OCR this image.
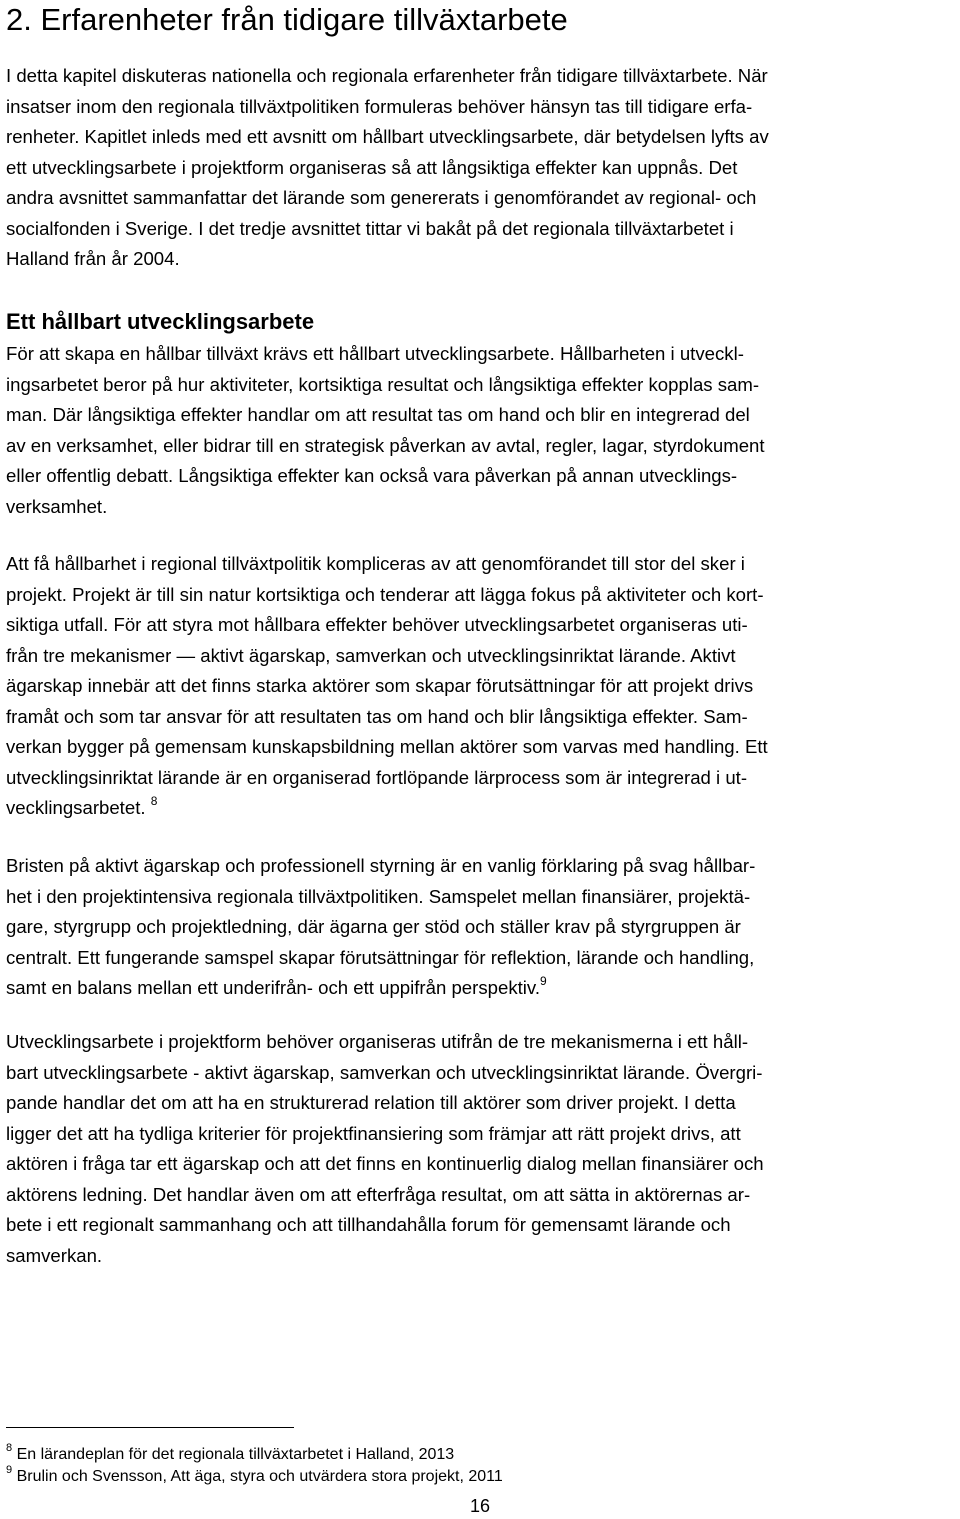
2. Erfarenheter från tidigare tillväxtarbete

I detta kapitel diskuteras nationella och regionala erfarenheter från tidigare tillväxtarbete. När
insatser inom den regionala tillväxtpolitiken formuleras behöver hänsyn tas till tidigare erfa-
renheter. Kapitlet inleds med ett avsnitt om hållbart utvecklingsarbete, där betydelsen lyfts av
ett utvecklingsarbete i projektform organiseras så att långsiktiga effekter kan uppnås. Det
andra avsnittet sammanfattar det lärande som genererats i genomförandet av regional- och
socialfonden i Sverige. I det tredje avsnittet tittar vi bakåt på det regionala tillväxtarbetet i
Halland från år 2004.

Ett hållbart utvecklingsarbete

För att skapa en hållbar tillväxt krävs ett hållbart utvecklingsarbete. Hållbarheten i utveckl-
ingsarbetet beror på hur aktiviteter, kortsiktiga resultat och långsiktiga effekter kopplas sam-
man. Där långsiktiga effekter handlar om att resultat tas om hand och blir en integrerad del
av en verksamhet, eller bidrar till en strategisk påverkan av avtal, regler, lagar, styrdokument
eller offentlig debatt. Långsiktiga effekter kan också vara påverkan på annan utvecklings-
verksamhet.

Att få hållbarhet i regional tillväxtpolitik kompliceras av att genomförandet till stor del sker i
projekt. Projekt är till sin natur kortsiktiga och tenderar att lägga fokus på aktiviteter och kort-
siktiga utfall. För att styra mot hållbara effekter behöver utvecklingsarbetet organiseras uti-
från tre mekanismer — aktivt ägarskap, samverkan och utvecklingsinriktat lärande. Aktivt
ägarskap innebär att det finns starka aktörer som skapar förutsättningar för att projekt drivs
framåt och som tar ansvar för att resultaten tas om hand och blir långsiktiga effekter. Sam-
verkan bygger på gemensam kunskapsbildning mellan aktörer som varvas med handling. Ett
utvecklingsinriktat lärande är en organiserad fortlöpande lärprocess som är integrerad i ut-
vecklingsarbetet. $^8$

Bristen på aktivt ägarskap och professionell styrning är en vanlig förklaring på svag hållbar-
het i den projektintensiva regionala tillväxtpolitiken. Samspelet mellan finansiärer, projektä-
gare, styrgrupp och projektledning, där ägarna ger stöd och ställer krav på styrgruppen är
centralt. Ett fungerande samspel skapar förutsättningar för reflektion, lärande och handling,
samt en balans mellan ett underifrån- och ett uppifrån perspektiv.$^9$

Utvecklingsarbete i projektform behöver organiseras utifrån de tre mekanismerna i ett håll-
bart utvecklingsarbete - aktivt ägarskap, samverkan och utvecklingsinriktat lärande. Övergri-
pande handlar det om att ha en strukturerad relation till aktörer som driver projekt. I detta
ligger det att ha tydliga kriterier för projektfinansiering som främjar att rätt projekt drivs, att
aktören i fråga tar ett ägarskap och att det finns en kontinuerlig dialog mellan finansiärer och
aktörens ledning. Det handlar även om att efterfråga resultat, om att sätta in aktörernas ar-
bete i ett regionalt sammanhang och att tillhandahålla forum för gemensamt lärande och
samverkan.

$^8$ En lärandeplan för det regionala tillväxtarbetet i Halland, 2013

$^9$ Brulin och Svensson, Att äga, styra och utvärdera stora projekt, 2011

16
